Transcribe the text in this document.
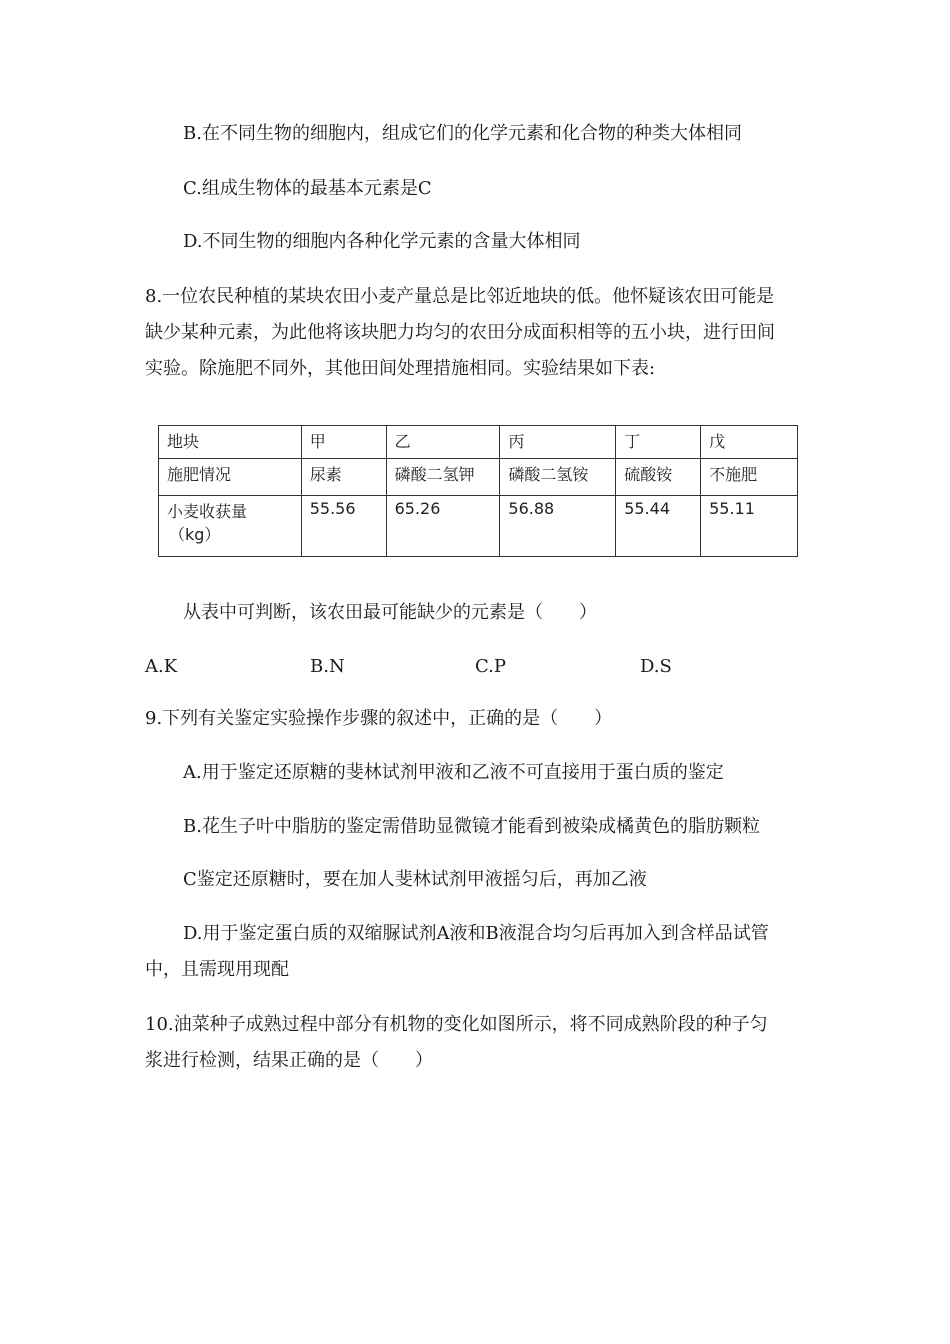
B.在不同生物的细胞内，组成它们的化学元素和化合物的种类大体相同
C.组成生物体的最基本元素是C
D.不同生物的细胞内各种化学元素的含量大体相同
8.一位农民种植的某块农田小麦产量总是比邻近地块的低。他怀疑该农田可能是
缺少某种元素，为此他将该块肥力均匀的农田分成面积相等的五小块，进行田间
实验。除施肥不同外，其他田间处理措施相同。实验结果如下表:
地块	甲	乙	丙	丁	戊
施肥情况	尿素	磷酸二氢钾	磷酸二氢铵	硫酸铵	不施肥
小麦收获量
（kg）	55.56	65.26	56.88	55.44	55.11
从表中可判断，该农田最可能缺少的元素是（　　）
A.K	B.N	C.P	D.S
9.下列有关鉴定实验操作步骤的叙述中，正确的是（　　）
A.用于鉴定还原糖的斐林试剂甲液和乙液不可直接用于蛋白质的鉴定
B.花生子叶中脂肪的鉴定需借助显微镜才能看到被染成橘黄色的脂肪颗粒
C鉴定还原糖时，要在加人斐林试剂甲液摇匀后，再加乙液
D.用于鉴定蛋白质的双缩脲试剂A液和B液混合均匀后再加入到含样品试管
中，且需现用现配
10.油菜种子成熟过程中部分有机物的变化如图所示，将不同成熟阶段的种子匀
浆进行检测，结果正确的是（　　）
